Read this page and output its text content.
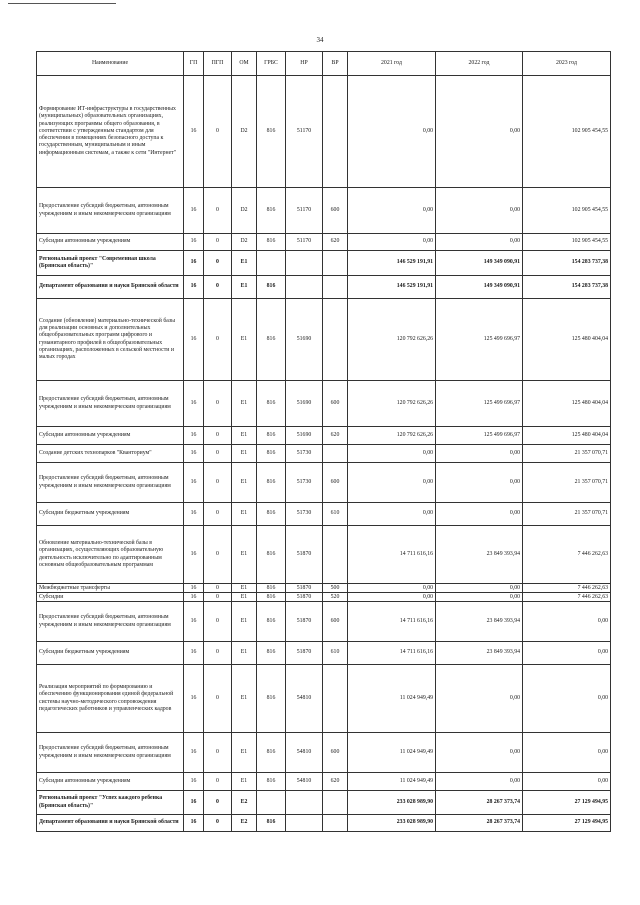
34
Наименование	ГП	ПГП	ОМ	ГРБС	НР	ВР	2021 год	2022 год	2023 год
Формирование ИТ-инфраструктуры в государственных (муниципальных) образовательных организациях, реализующих программы общего образования, в соответствии с утвержденным стандартом для обеспечения в помещениях безопасного доступа к государственным, муниципальным и иным информационным системам, а также к сети "Интернет"	16	0	D2	816	51170		0,00	0,00	102 905 454,55
Предоставление субсидий бюджетным, автономным учреждениям и иным некоммерческим организациям	16	0	D2	816	51170	600	0,00	0,00	102 905 454,55
Субсидии автономным учреждениям	16	0	D2	816	51170	620	0,00	0,00	102 905 454,55
Региональный проект "Современная школа (Брянская область)"	16	0	E1				146 529 191,91	149 349 090,91	154 283 737,38
Департамент образования и науки Брянской области	16	0	E1	816			146 529 191,91	149 349 090,91	154 283 737,38
Создание (обновление) материально-технической базы для реализации основных и дополнительных общеобразовательных программ цифрового и гуманитарного профилей в общеобразовательных организациях, расположенных в сельской местности и малых городах	16	0	E1	816	51690		120 792 626,26	125 499 696,97	125 480 404,04
Предоставление субсидий бюджетным, автономным учреждениям и иным некоммерческим организациям	16	0	E1	816	51690	600	120 792 626,26	125 499 696,97	125 480 404,04
Субсидии автономным учреждениям	16	0	E1	816	51690	620	120 792 626,26	125 499 696,97	125 480 404,04
Создание детских технопарков "Кванториум"	16	0	E1	816	51730		0,00	0,00	21 357 070,71
Предоставление субсидий бюджетным, автономным учреждениям и иным некоммерческим организациям	16	0	E1	816	51730	600	0,00	0,00	21 357 070,71
Субсидии бюджетным учреждениям	16	0	E1	816	51730	610	0,00	0,00	21 357 070,71
Обновление материально-технической базы в организациях, осуществляющих образовательную деятельность исключительно по адаптированным основным общеобразовательным программам	16	0	E1	816	51870		14 711 616,16	23 849 393,94	7 446 262,63
Межбюджетные трансферты	16	0	E1	816	51870	500	0,00	0,00	7 446 262,63
Субсидии	16	0	E1	816	51870	520	0,00	0,00	7 446 262,63
Предоставление субсидий бюджетным, автономным учреждениям и иным некоммерческим организациям	16	0	E1	816	51870	600	14 711 616,16	23 849 393,94	0,00
Субсидии бюджетным учреждениям	16	0	E1	816	51870	610	14 711 616,16	23 849 393,94	0,00
Реализация мероприятий по формированию и обеспечению функционирования единой федеральной системы научно-методического сопровождения педагогических работников и управленческих кадров	16	0	E1	816	54810		11 024 949,49	0,00	0,00
Предоставление субсидий бюджетным, автономным учреждениям и иным некоммерческим организациям	16	0	E1	816	54810	600	11 024 949,49	0,00	0,00
Субсидии автономным учреждениям	16	0	E1	816	54810	620	11 024 949,49	0,00	0,00
Региональный проект "Успех каждого ребенка (Брянская область)"	16	0	E2				233 028 989,90	28 267 373,74	27 129 494,95
Департамент образования и науки Брянской области	16	0	E2	816			233 028 989,90	28 267 373,74	27 129 494,95
